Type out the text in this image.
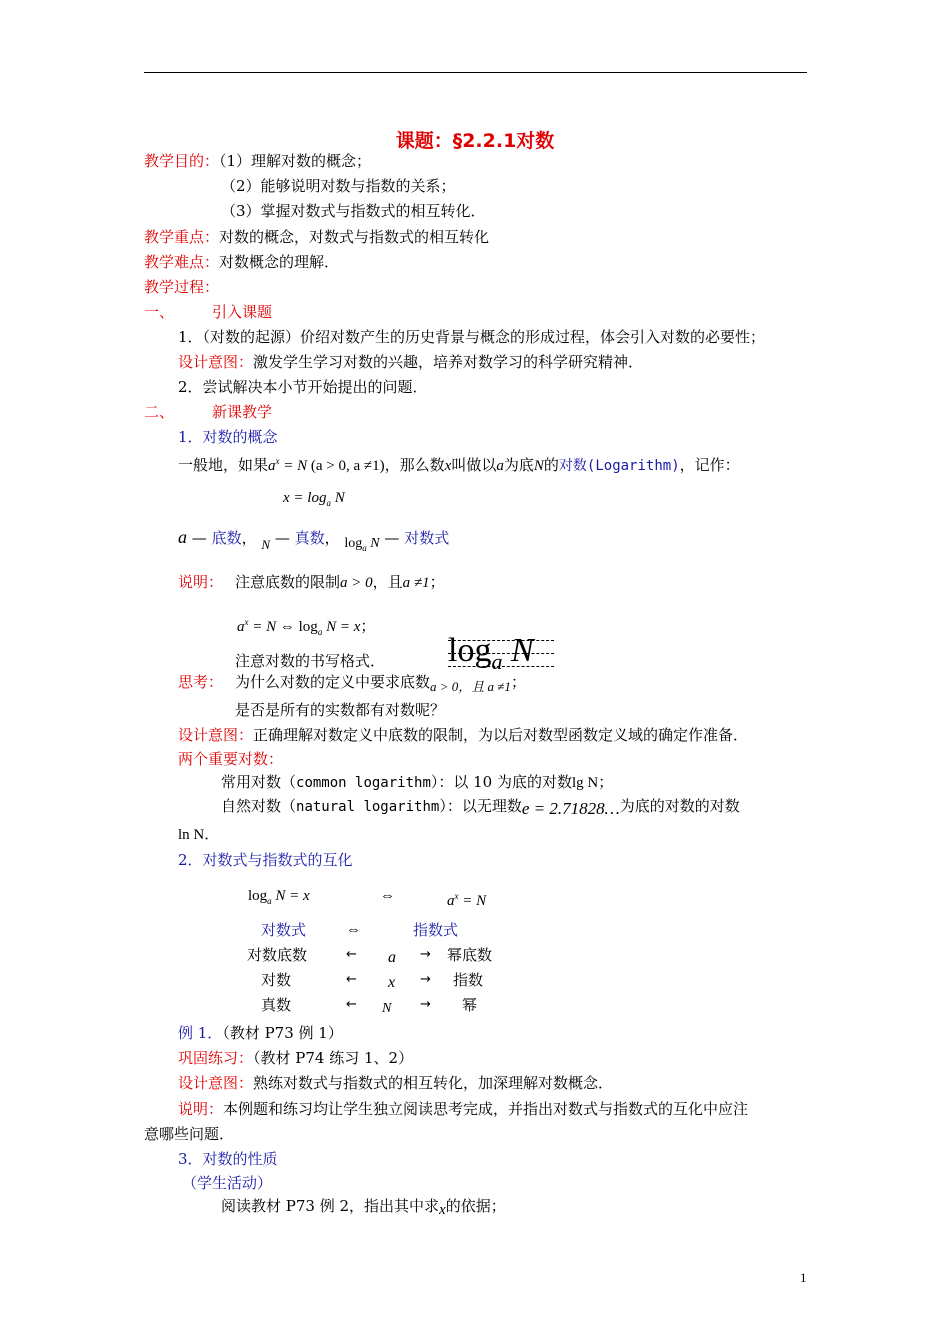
课题：§2.2.1对数
教学目的：（1）理解对数的概念；
（2）能够说明对数与指数的关系；
（3）掌握对数式与指数式的相互转化．
教学重点：对数的概念，对数式与指数式的相互转化
教学难点：对数概念的理解．
教学过程：
一、	引入课题
1．（对数的起源）价绍对数产生的历史背景与概念的形成过程，体会引入对数的必要性；
设计意图：激发学生学习对数的兴趣，培养对数学习的科学研究精神．
2．尝试解决本小节开始提出的问题．
二、	新课教学
1．对数的概念
一般地，如果$a^x = N$ (a > 0, a ≠1)，那么数x叫做以a为底N的对数(Logarithm)，记作：
$x = \log_a N$
a — 底数， N — 真数， $\log_a N$ — 对数式
说明： 注意底数的限制a > 0，且a ≠1；
$a^x = N$ ⇔ $\log_a N = x$；
注意对数的书写格式． $\log_a N$
思考： 为什么对数的定义中要求底数a > 0，且 a ≠1；
是否是所有的实数都有对数呢？
设计意图：正确理解对数定义中底数的限制，为以后对数型函数定义域的确定作准备．
两个重要对数：
常用对数（common logarithm）：以 10 为底的对数lg N；
自然对数（natural logarithm）：以无理数e = 2.71828…为底的对数的对数
ln N．
2．对数式与指数式的互化
$\log_a N = x$	⇔	$a^x = N$
对数式	⇔	指数式
对数底数	← a → 幂底数
对数	← x → 指数
真数	← N → 幂
例 1．（教材 P73 例 1）
巩固练习：（教材 P74 练习 1、2）
设计意图：熟练对数式与指数式的相互转化，加深理解对数概念．
说明：本例题和练习均让学生独立阅读思考完成，并指出对数式与指数式的互化中应注
意哪些问题．
3．对数的性质
（学生活动）
阅读教材 P73 例 2，指出其中求x的依据；
1
